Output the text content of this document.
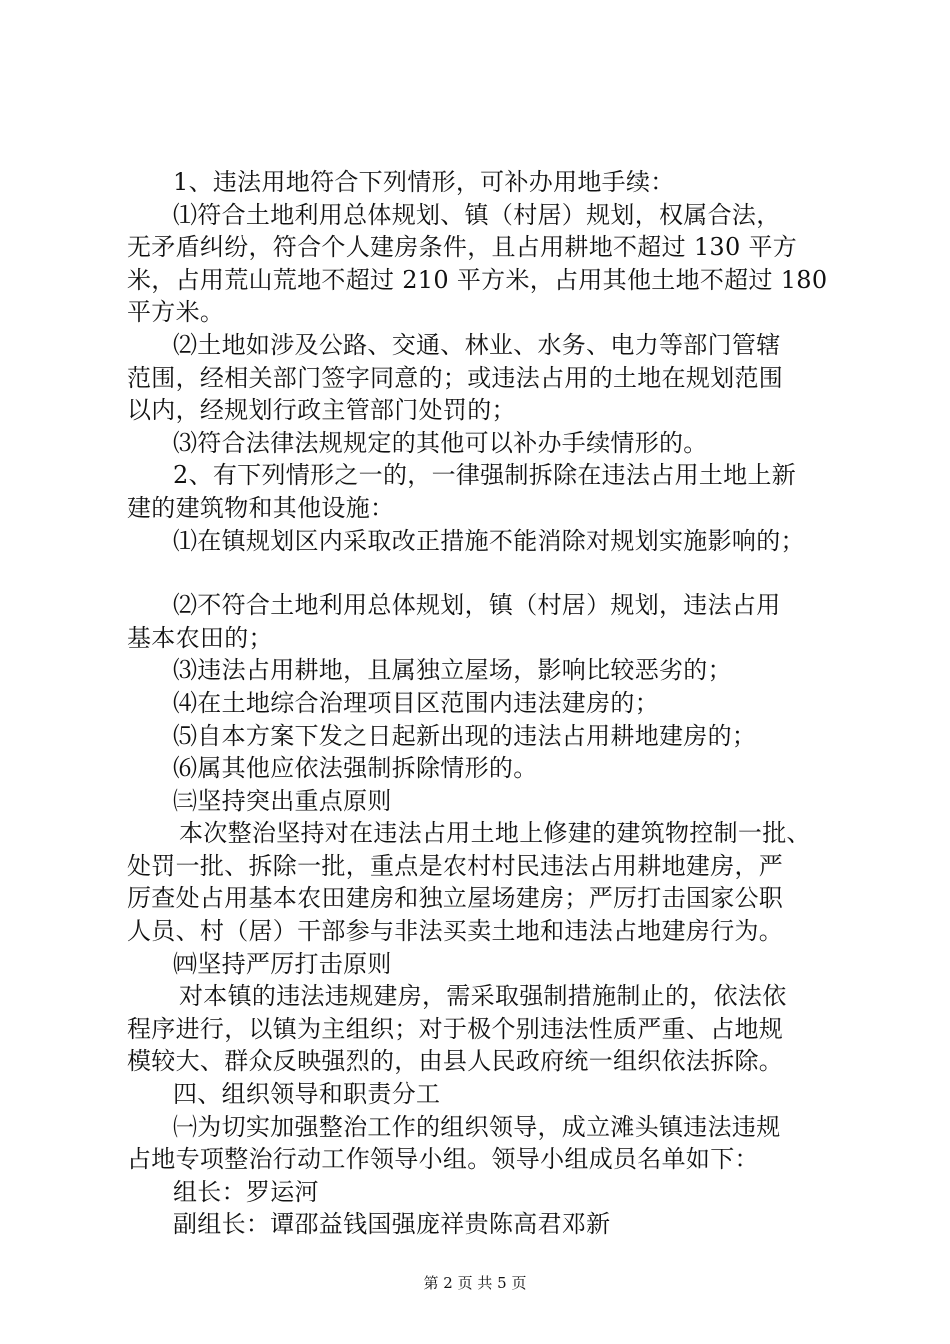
1、违法用地符合下列情形，可补办用地手续：
⑴符合土地利用总体规划、镇（村居）规划，权属合法，
无矛盾纠纷，符合个人建房条件，且占用耕地不超过 130 平方
米，占用荒山荒地不超过 210 平方米，占用其他土地不超过 180
平方米。
⑵土地如涉及公路、交通、林业、水务、电力等部门管辖
范围，经相关部门签字同意的；或违法占用的土地在规划范围
以内，经规划行政主管部门处罚的；
⑶符合法律法规规定的其他可以补办手续情形的。
2、有下列情形之一的，一律强制拆除在违法占用土地上新
建的建筑物和其他设施：
⑴在镇规划区内采取改正措施不能消除对规划实施影响的；
⑵不符合土地利用总体规划，镇（村居）规划，违法占用
基本农田的；
⑶违法占用耕地，且属独立屋场，影响比较恶劣的；
⑷在土地综合治理项目区范围内违法建房的；
⑸自本方案下发之日起新出现的违法占用耕地建房的；
⑹属其他应依法强制拆除情形的。
㈢坚持突出重点原则
本次整治坚持对在违法占用土地上修建的建筑物控制一批、
处罚一批、拆除一批，重点是农村村民违法占用耕地建房，严
厉查处占用基本农田建房和独立屋场建房；严厉打击国家公职
人员、村（居）干部参与非法买卖土地和违法占地建房行为。
㈣坚持严厉打击原则
对本镇的违法违规建房，需采取强制措施制止的，依法依
程序进行，以镇为主组织；对于极个别违法性质严重、占地规
模较大、群众反映强烈的，由县人民政府统一组织依法拆除。
四、组织领导和职责分工
㈠为切实加强整治工作的组织领导，成立滩头镇违法违规
占地专项整治行动工作领导小组。领导小组成员名单如下：
组长：罗运河
副组长：谭邵益钱国强庞祥贵陈高君邓新
第 2 页 共 5 页
